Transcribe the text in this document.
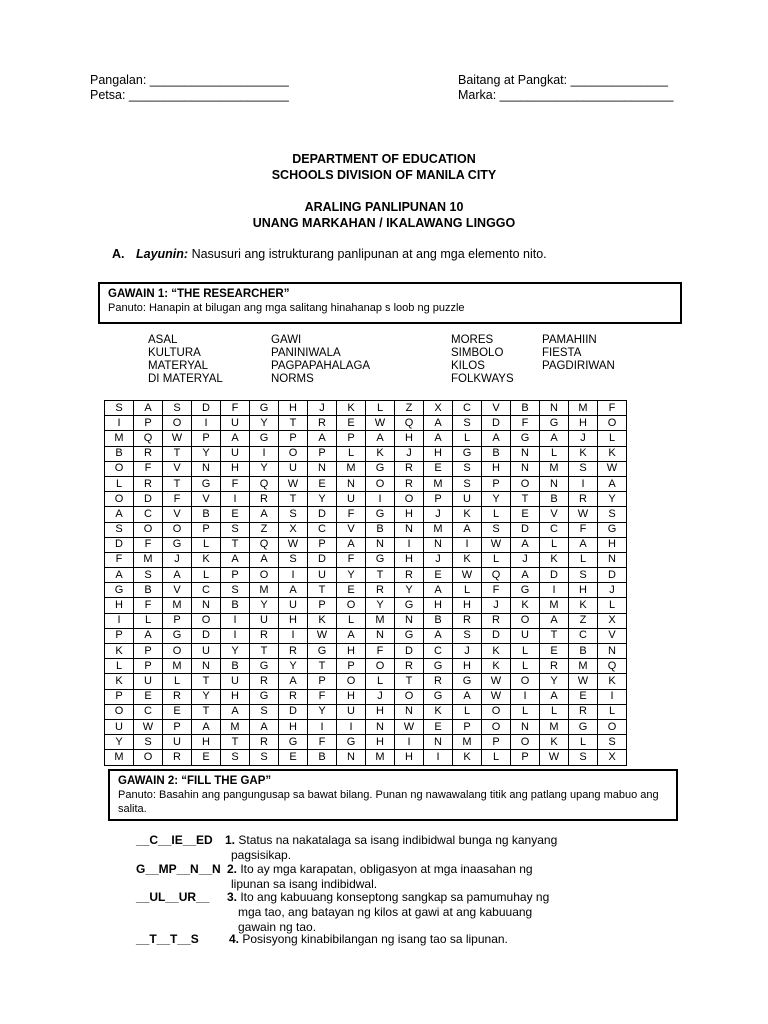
Pangalan: ____________________
Petsa: _______________________
Baitang at Pangkat: ______________
Marka: _________________________
DEPARTMENT OF EDUCATION
SCHOOLS DIVISION OF MANILA CITY
ARALING PANLIPUNAN 10
UNANG MARKAHAN / IKALAWANG LINGGO
A. Layunin: Nasusuri ang istrukturang panlipunan at ang mga elemento nito.
GAWAIN 1: “THE RESEARCHER”
Panuto: Hanapin at bilugan ang mga salitang hinahanap s loob ng puzzle
ASAL
KULTURA
MATERYAL
DI MATERYAL
GAWI
PANINIWALA
PAGPAPAHALAGA
NORMS
MORES
SIMBOLO
KILOS
FOLKWAYS
PAMAHIIN
FIESTA
PAGDIRIWAN
S	A	S	D	F	G	H	J	K	L	Z	X	C	V	B	N	M	F
I	P	O	I	U	Y	T	R	E	W	Q	A	S	D	F	G	H	O
M	Q	W	P	A	G	P	A	P	A	H	A	L	A	G	A	J	L
B	R	T	Y	U	I	O	P	L	K	J	H	G	B	N	L	K	K
O	F	V	N	H	Y	U	N	M	G	R	E	S	H	N	M	S	W
L	R	T	G	F	Q	W	E	N	O	R	M	S	P	O	N	I	A
O	D	F	V	I	R	T	Y	U	I	O	P	U	Y	T	B	R	Y
A	C	V	B	E	A	S	D	F	G	H	J	K	L	E	V	W	S
S	O	O	P	S	Z	X	C	V	B	N	M	A	S	D	C	F	G
D	F	G	L	T	Q	W	P	A	N	I	N	I	W	A	L	A	H
F	M	J	K	A	A	S	D	F	G	H	J	K	L	J	K	L	N
A	S	A	L	P	O	I	U	Y	T	R	E	W	Q	A	D	S	D
G	B	V	C	S	M	A	T	E	R	Y	A	L	F	G	I	H	J
H	F	M	N	B	Y	U	P	O	Y	G	H	H	J	K	M	K	L
I	L	P	O	I	U	H	K	L	M	N	B	R	R	O	A	Z	X
P	A	G	D	I	R	I	W	A	N	G	A	S	D	U	T	C	V
K	P	O	U	Y	T	R	G	H	F	D	C	J	K	L	E	B	N
L	P	M	N	B	G	Y	T	P	O	R	G	H	K	L	R	M	Q
K	U	L	T	U	R	A	P	O	L	T	R	G	W	O	Y	W	K
P	E	R	Y	H	G	R	F	H	J	O	G	A	W	I	A	E	I
O	C	E	T	A	S	D	Y	U	H	N	K	L	O	L	L	R	L
U	W	P	A	M	A	H	I	I	N	W	E	P	O	N	M	G	O
Y	S	U	H	T	R	G	F	G	H	I	N	M	P	O	K	L	S
M	O	R	E	S	S	E	B	N	M	H	I	K	L	P	W	S	X
GAWAIN 2: “FILL THE GAP”
Panuto: Basahin ang pangungusap sa bawat bilang. Punan ng nawawalang titik ang patlang upang mabuo ang salita.
__C__IE__ED 1. Status na nakatalaga sa isang indibidwal bunga ng kanyang
pagsisikap.
G__MP__N__N 2. Ito ay mga karapatan, obligasyon at mga inaasahan ng
lipunan sa isang indibidwal.
__UL__UR__ 3. Ito ang kabuuang konseptong sangkap sa pamumuhay ng
mga tao, ang batayan ng kilos at gawi at ang kabuuang
gawain ng tao.
__T__T__S	4. Posisyong kinabibilangan ng isang tao sa lipunan.
